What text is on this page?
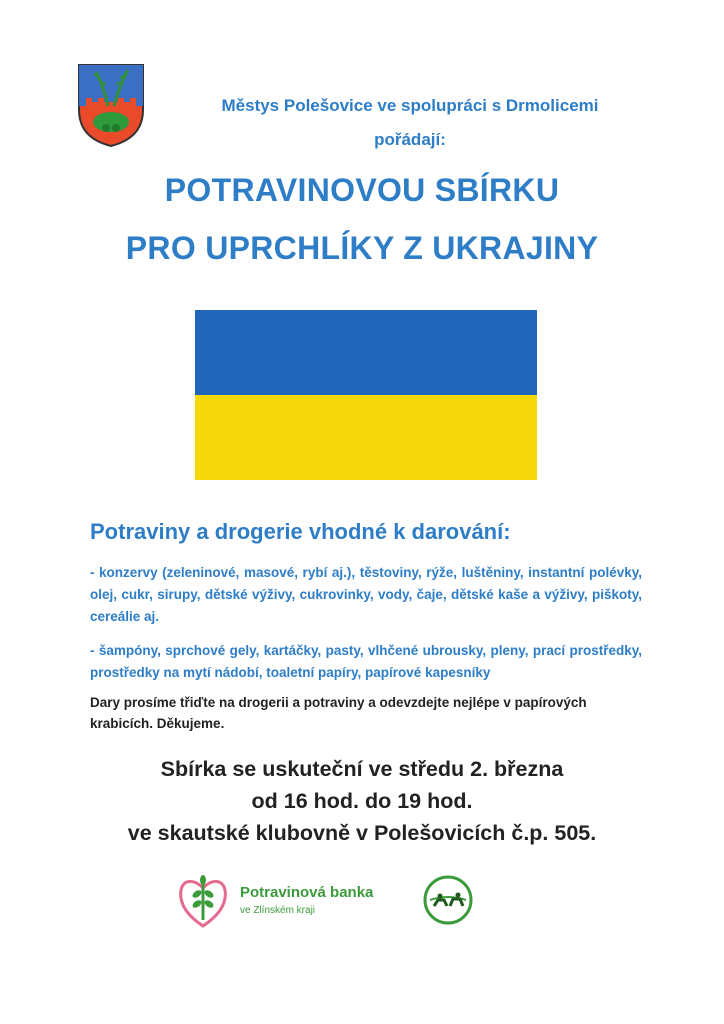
Městys Polešovice ve spolupráci s Drmolicemi
pořádají:
POTRAVINOVOU SBÍRKU
PRO UPRCHLÍKY Z UKRAJINY
Potraviny a drogerie vhodné k darování:
- konzervy (zeleninové, masové, rybí aj.), těstoviny, rýže, luštěniny, instantní polévky, olej, cukr, sirupy, dětské výživy, cukrovinky, vody, čaje, dětské kaše a výživy, piškoty, cereálie aj.
- šampóny, sprchové gely, kartáčky, pasty, vlhčené ubrousky, pleny, prací prostředky, prostředky na mytí nádobí, toaletní papíry, papírové kapesníky
Dary prosíme třiďte na drogerii a potraviny a odevzdejte nejlépe v papírových krabicích. Děkujeme.
Sbírka se uskuteční ve středu 2. března
od 16 hod. do 19 hod.
ve skautské klubovně v Polešovicích č.p. 505.
Potravinová banka
ve Zlínském kraji
